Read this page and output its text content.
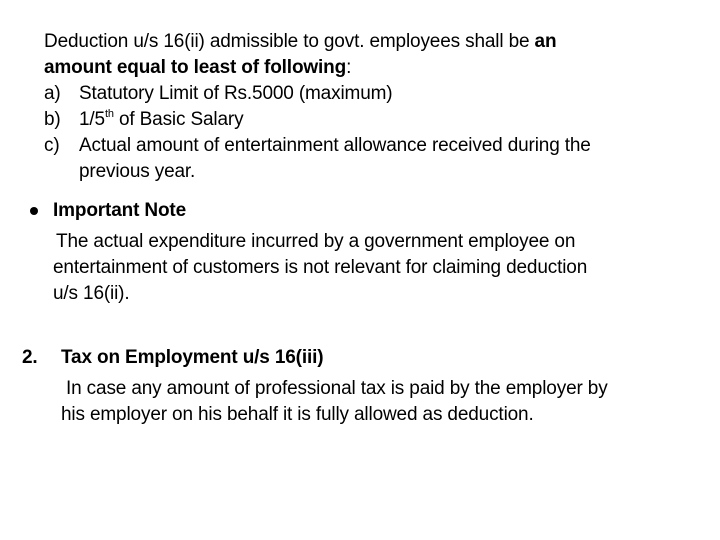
Deduction u/s 16(ii) admissible to govt. employees shall be an
amount equal to least of following:
a) Statutory Limit of Rs.5000 (maximum)
b) 1/5th of Basic Salary
c) Actual amount of entertainment allowance received during the
previous year.
Important Note
The actual expenditure incurred by a government employee on
entertainment of customers is not relevant for claiming deduction
u/s 16(ii).
2. Tax on Employment u/s 16(iii)
In case any amount of professional tax is paid by the employer by
his employer on his behalf it is fully allowed as deduction.
